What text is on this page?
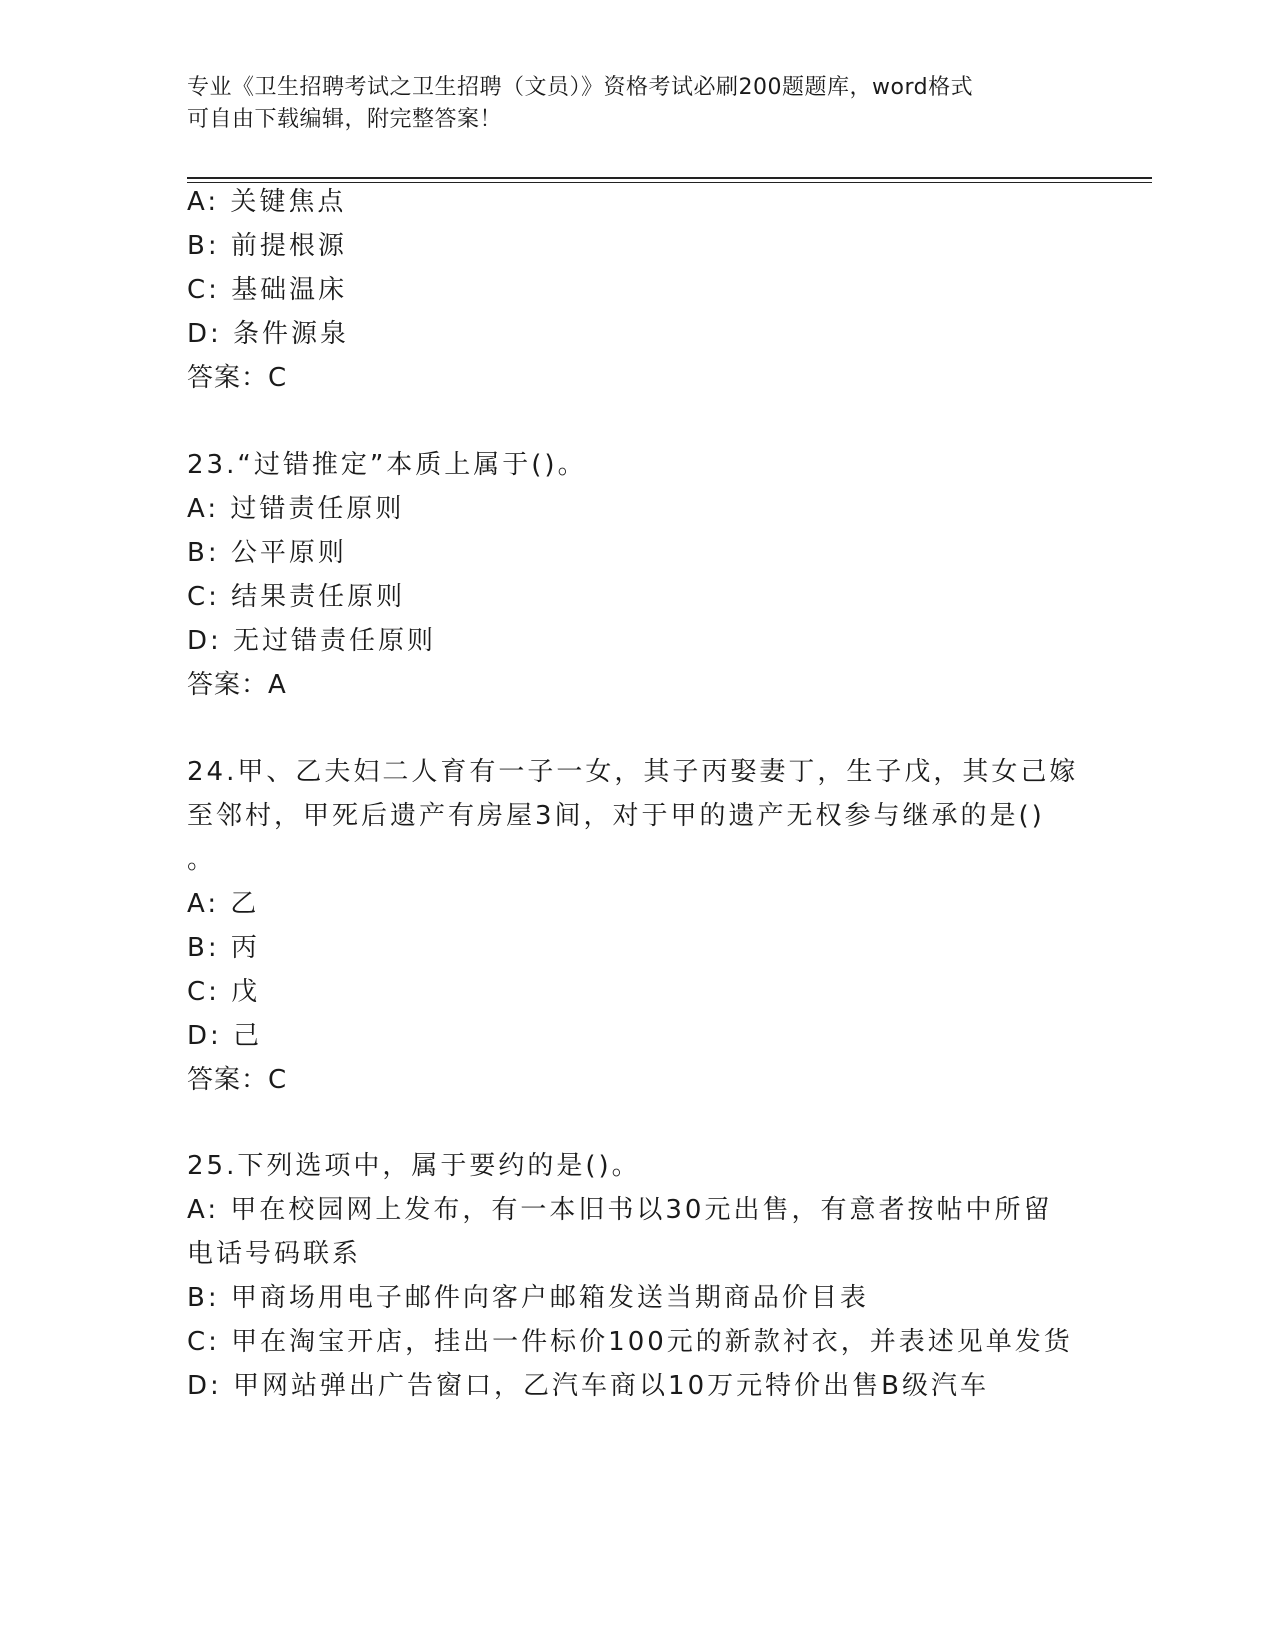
专业《卫生招聘考试之卫生招聘（文员）》资格考试必刷200题题库，word格式
可自由下载编辑，附完整答案！
A: 关键焦点
B: 前提根源
C: 基础温床
D: 条件源泉
答案：C
23.“过错推定”本质上属于()。
A: 过错责任原则
B: 公平原则
C: 结果责任原则
D: 无过错责任原则
答案：A
24.甲、乙夫妇二人育有一子一女，其子丙娶妻丁，生子戊，其女己嫁
至邻村，甲死后遗产有房屋3间，对于甲的遗产无权参与继承的是()
。
A: 乙
B: 丙
C: 戊
D: 己
答案：C
25.下列选项中，属于要约的是()。
A: 甲在校园网上发布，有一本旧书以30元出售，有意者按帖中所留
电话号码联系
B: 甲商场用电子邮件向客户邮箱发送当期商品价目表
C: 甲在淘宝开店，挂出一件标价100元的新款衬衣，并表述见单发货
D: 甲网站弹出广告窗口，乙汽车商以10万元特价出售B级汽车
